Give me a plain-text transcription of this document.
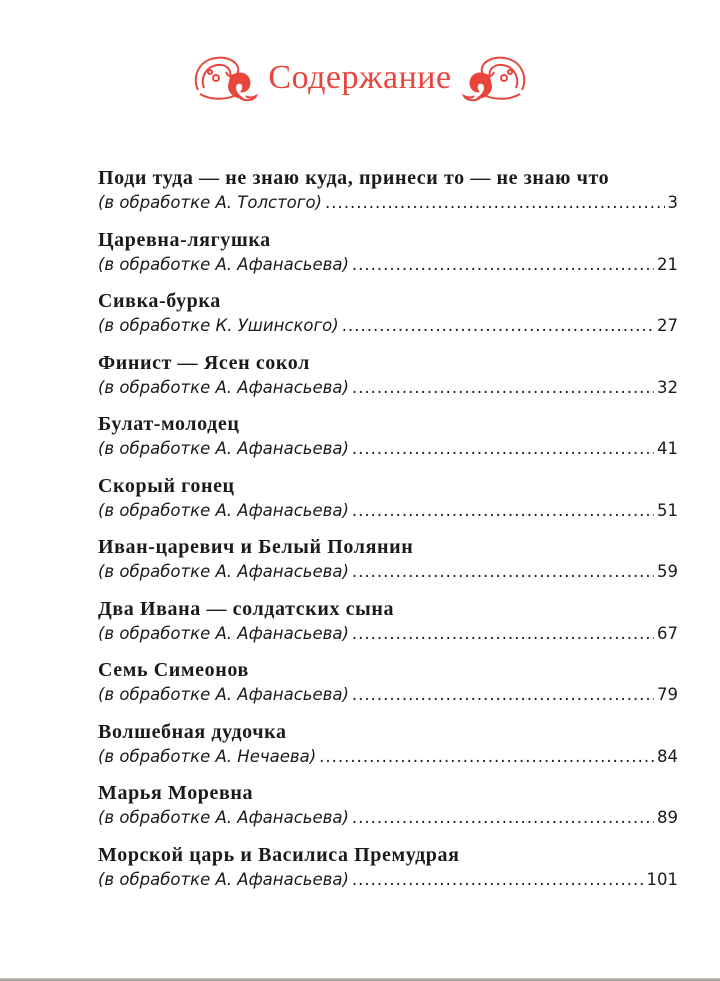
Содержание
Поди туда — не знаю куда, принеси то — не знаю что
(в обработке А. Толстого) .....	3
Царевна-лягушка
(в обработке А. Афанасьева) .....	21
Сивка-бурка
(в обработке К. Ушинского) .....	27
Финист — Ясен сокол
(в обработке А. Афанасьева) .....	32
Булат-молодец
(в обработке А. Афанасьева) .....	41
Скорый гонец
(в обработке А. Афанасьева) .....	51
Иван-царевич и Белый Полянин
(в обработке А. Афанасьева) .....	59
Два Ивана — солдатских сына
(в обработке А. Афанасьева) .....	67
Семь Симеонов
(в обработке А. Афанасьева) .....	79
Волшебная дудочка
(в обработке А. Нечаева) .....	84
Марья Моревна
(в обработке А. Афанасьева) .....	89
Морской царь и Василиса Премудрая
(в обработке А. Афанасьева) .....	101
